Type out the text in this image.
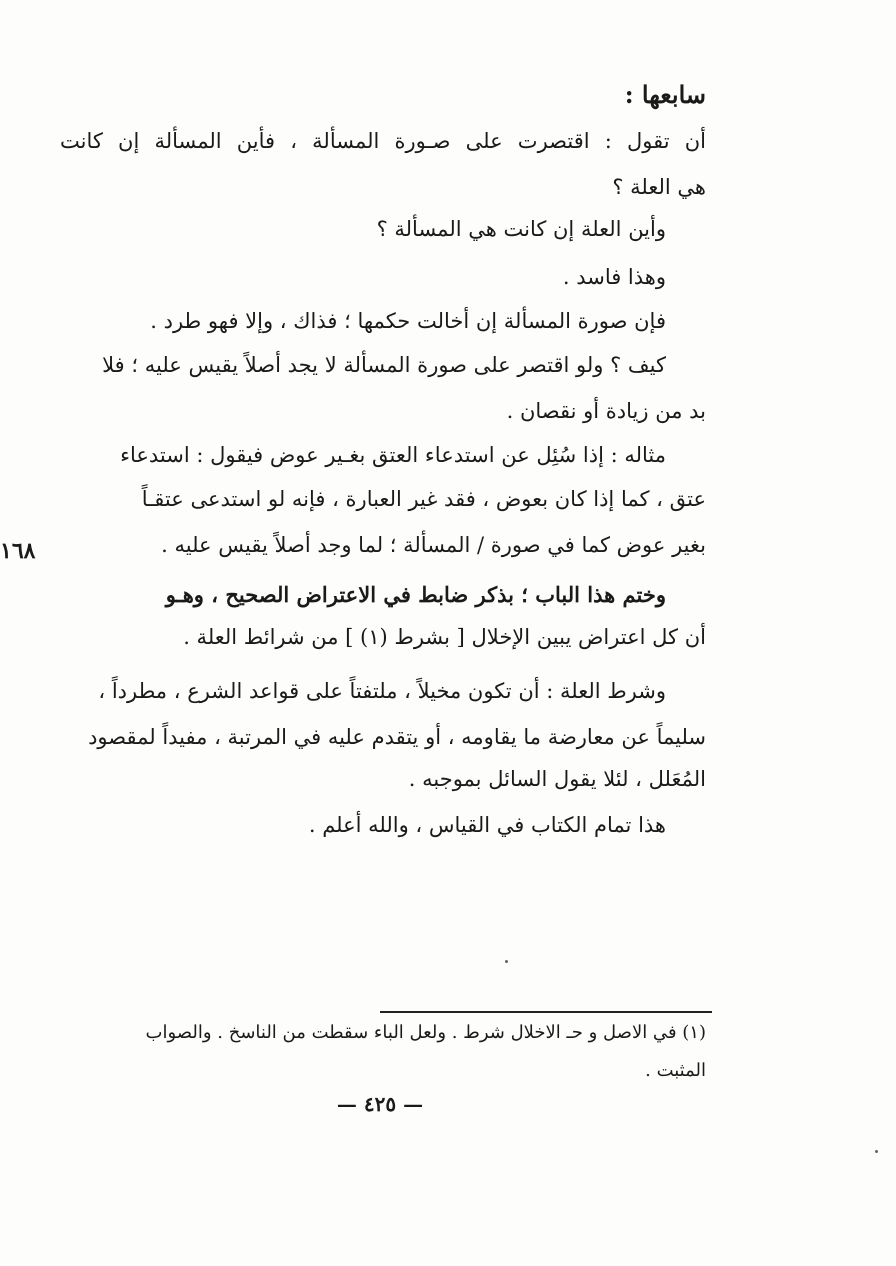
سابعها :
أن تقول : اقتصرت على صـورة المسألة ، فأين المسألة إن كانت
هي العلة ؟
وأين العلة إن كانت هي المسألة ؟
وهذا فاسد .
فإن صورة المسألة إن أخالت حكمها ؛ فذاك ، وإلا فهو طرد .
كيف ؟ ولو اقتصر على صورة المسألة لا يجد أصلاً يقيس عليه ؛ فلا
بد من زيادة أو نقصان .
مثاله : إذا سُئِل عن استدعاء العتق بغـير عوض فيقول : استدعاء
عتق ، كما إذا كان بعوض ، فقد غير العبارة ، فإنه لو استدعى عتقـاً
بغير عوض كما في صورة / المسألة ؛ لما وجد أصلاً يقيس عليه .
وختم هذا الباب ؛ بذكر ضابط في الاعتراض الصحيح ، وهـو
أن كل اعتراض يبين الإخلال [ بشرط (١) ] من شرائط العلة .
وشرط العلة : أن تكون مخيلاً ، ملتفتاً على قواعد الشرع ، مطرداً ،
سليماً عن معارضة ما يقاومه ، أو يتقدم عليه في المرتبة ، مفيداً لمقصود
المُعَلل ، لئلا يقول السائل بموجبه .
هذا تمام الكتاب في القياس ، والله أعلم .
١٦٨
(١) في الاصل و حـ الاخلال شرط . ولعل الباء سقطت من الناسخ . والصواب
المثبت .
— ٤٢٥ —
